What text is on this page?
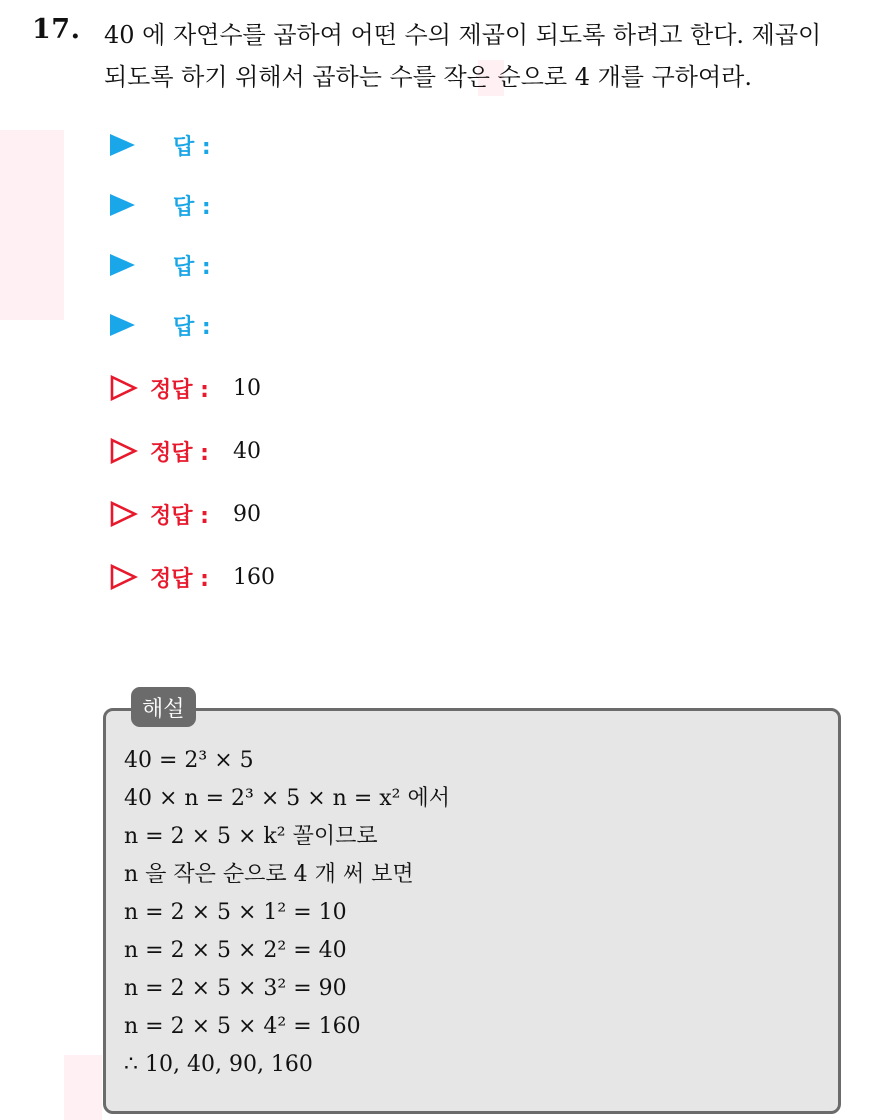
17. 40 에 자연수를 곱하여 어떤 수의 제곱이 되도록 하려고 한다. 제곱이
되도록 하기 위해서 곱하는 수를 작은 순으로 4 개를 구하여라.
답 :
답 :
답 :
답 :
정답 : 10
정답 : 40
정답 : 90
정답 : 160
해설
40 = 2³ × 5
40 × n = 2³ × 5 × n = x² 에서
n = 2 × 5 × k² 꼴이므로
n 을 작은 순으로 4 개 써 보면
n = 2 × 5 × 1² = 10
n = 2 × 5 × 2² = 40
n = 2 × 5 × 3² = 90
n = 2 × 5 × 4² = 160
∴ 10, 40, 90, 160
